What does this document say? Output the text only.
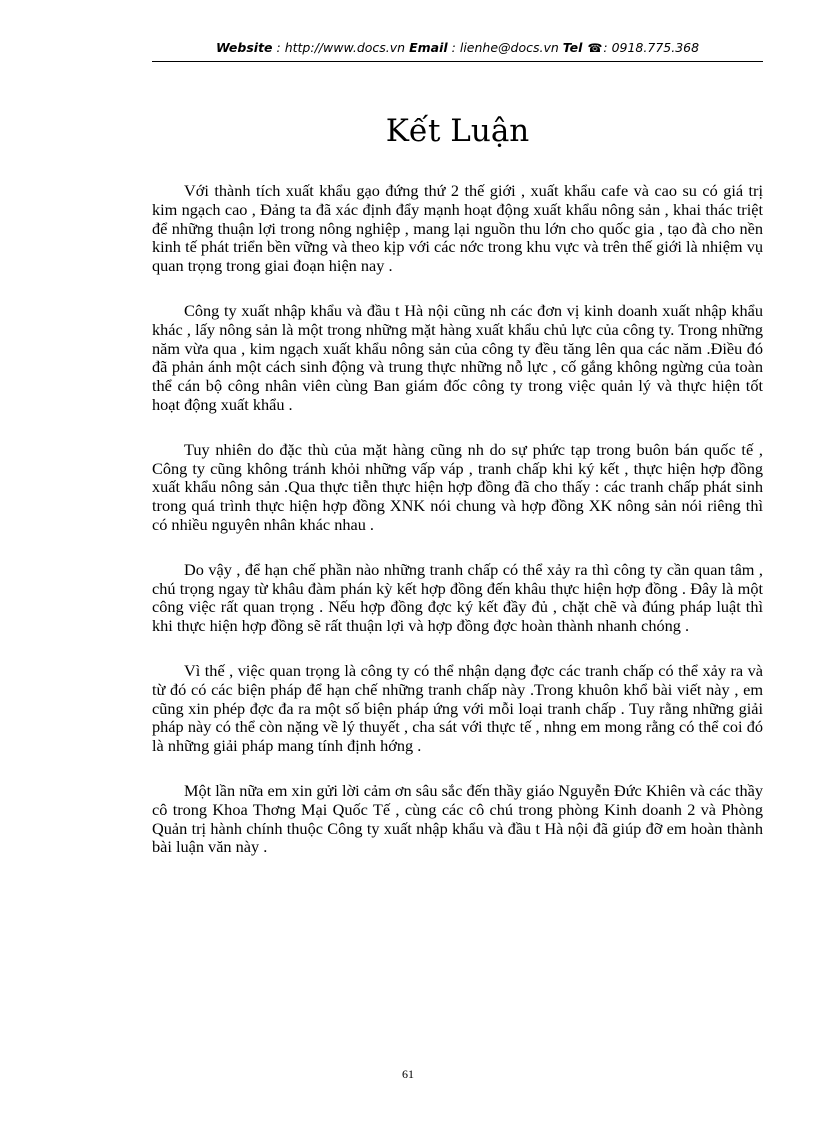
Website : http://www.docs.vn Email : lienhe@docs.vn Tel ☎: 0918.775.368
Kết Luận

Với thành tích xuất khẩu gạo đứng thứ 2 thế giới , xuất khẩu cafe và cao su có giá trị kim ngạch cao , Đảng ta đã xác định đẩy mạnh hoạt động xuất khẩu nông sản , khai thác triệt để những thuận lợi trong nông nghiệp , mang lại nguồn thu lớn cho quốc gia , tạo đà cho nền kinh tế phát triển bền vững và theo kịp với các nớc trong khu vực và trên thế giới là nhiệm vụ quan trọng trong giai đoạn hiện nay .

Công ty xuất nhập khẩu và đầu t Hà nội cũng nh các đơn vị kinh doanh xuất nhập khẩu khác , lấy nông sản là một trong những mặt hàng xuất khẩu chủ lực của công ty. Trong những năm vừa qua , kim ngạch xuất khẩu nông sản của công ty đều tăng lên qua các năm .Điều đó đã phản ánh một cách sinh động và trung thực những nỗ lực , cố gắng không ngừng của toàn thể cán bộ công nhân viên cùng Ban giám đốc công ty trong việc quản lý và thực hiện tốt hoạt động xuất khẩu .

Tuy nhiên do đặc thù của mặt hàng cũng nh do sự phức tạp trong buôn bán quốc tế , Công ty cũng không tránh khỏi những vấp váp , tranh chấp khi ký kết , thực hiện hợp đồng xuất khẩu nông sản .Qua thực tiễn thực hiện hợp đồng đã cho thấy : các tranh chấp phát sinh trong quá trình thực hiện hợp đồng XNK nói chung và hợp đồng XK nông sản nói riêng thì có nhiều nguyên nhân khác nhau .

Do vậy , để hạn chế phần nào những tranh chấp có thể xảy ra thì công ty cần quan tâm , chú trọng ngay từ khâu đàm phán kỳ kết hợp đồng đến khâu thực hiện hợp đồng . Đây là một công việc rất quan trọng . Nếu hợp đồng đợc ký kết đầy đủ , chặt chẽ và đúng pháp luật thì khi thực hiện hợp đồng sẽ rất thuận lợi và hợp đồng đợc hoàn thành nhanh chóng .

Vì thế , việc quan trọng là công ty có thể nhận dạng đợc các tranh chấp có thể xảy ra và từ đó có các biện pháp để hạn chế những tranh chấp này .Trong khuôn khổ bài viết này , em cũng xin phép đợc đa ra một số biện pháp ứng với mỗi loại tranh chấp . Tuy rằng những giải pháp này có thể còn nặng về lý thuyết , cha sát với thực tế , nhng em mong rằng có thể coi đó là những giải pháp mang tính định hớng .

Một lần nữa em xin gửi lời cảm ơn sâu sắc đến thầy giáo Nguyễn Đức Khiên và các thầy cô trong Khoa Thơng Mại Quốc Tế , cùng các cô chú trong phòng Kinh doanh 2 và Phòng Quản trị hành chính thuộc Công ty xuất nhập khẩu và đầu t Hà nội đã giúp đỡ em hoàn thành bài luận văn này .

61
